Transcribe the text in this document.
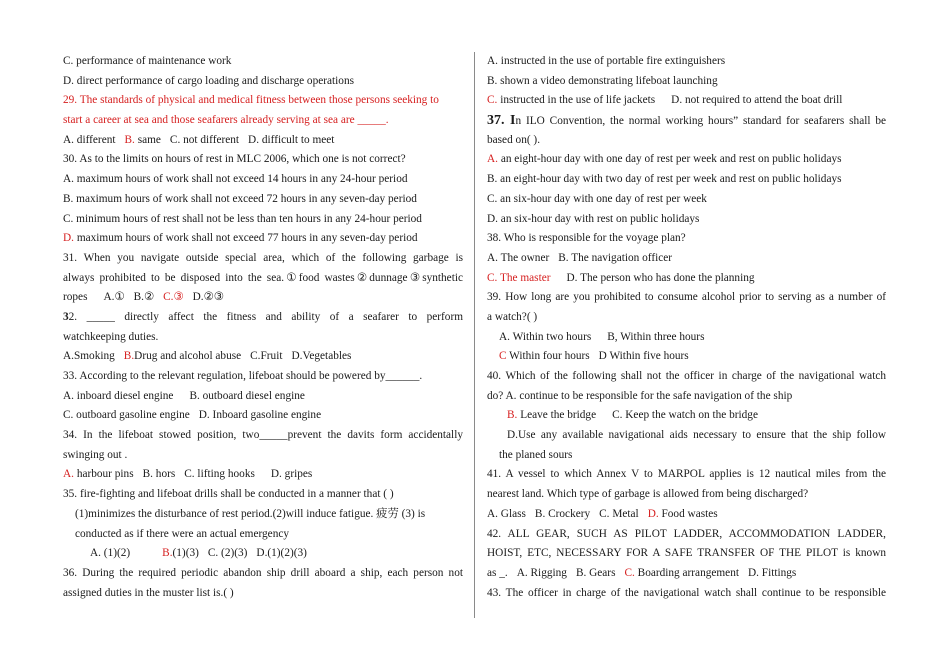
C. performance of maintenance work
D. direct performance of cargo loading and discharge operations
29. The standards of physical and medical fitness between those persons seeking to
start a career at sea and those seafarers already serving at sea are _____.
A. different B. same C. not different D. difficult to meet
30. As to the limits on hours of rest in MLC 2006, which one is not correct?
A. maximum hours of work shall not exceed 14 hours in any 24-hour period
B. maximum hours of work shall not exceed 72 hours in any seven-day period
C. minimum hours of rest shall not be less than ten hours in any 24-hour period
D. maximum hours of work shall not exceed 77 hours in any seven-day period
31. When you navigate outside special area, which of the following garbage is
always prohibited to be disposed into the sea.①food wastes②dunnage③synthetic
ropes A.① B.② C.③ D.②③
32. _____ directly affect the fitness and ability of a seafarer to perform
watchkeeping duties.
A.Smoking B.Drug and alcohol abuse C.Fruit D.Vegetables
33. According to the relevant regulation, lifeboat should be powered by______.
A. inboard diesel engine B. outboard diesel engine
C. outboard gasoline engine D. Inboard gasoline engine
34. In the lifeboat stowed position, two_____prevent the davits form accidentally
swinging out .
A. harbour pins B. hors C. lifting hooks D. gripes
35. fire-fighting and lifeboat drills shall be conducted in a manner that ( )
(1)minimizes the disturbance of rest period.(2)will induce fatigue. 疲劳 (3) is
conducted as if there were an actual emergency
A. (1)(2)	B.(1)(3) C. (2)(3) D.(1)(2)(3)
36. During the required periodic abandon ship drill aboard a ship, each person not
assigned duties in the muster list is.( )
A. instructed in the use of portable fire extinguishers
B. shown a video demonstrating lifeboat launching
C. instructed in the use of life jackets D. not required to attend the boat drill
37. In ILO Convention, the normal working hours” standard for seafarers shall be
based on( ).
A. an eight-hour day with one day of rest per week and rest on public holidays
B. an eight-hour day with two day of rest per week and rest on public holidays
C. an six-hour day with one day of rest per week
D. an six-hour day with rest on public holidays
38. Who is responsible for the voyage plan?
A. The owner B. The navigation officer
C. The master D. The person who has done the planning
39. How long are you prohibited to consume alcohol prior to serving as a number of
a watch?( )
A. Within two hours B, Within three hours
C Within four hours D Within five hours
40. Which of the following shall not the officer in charge of the navigational watch
do? A. continue to be responsible for the safe navigation of the ship
B. Leave the bridge C. Keep the watch on the bridge
D.Use any available navigational aids necessary to ensure that the ship follow
the planed sours
41. A vessel to which Annex V to MARPOL applies is 12 nautical miles from the
nearest land. Which type of garbage is allowed from being discharged?
A. Glass B. Crockery C. Metal D. Food wastes
42. ALL GEAR, SUCH AS PILOT LADDER, ACCOMMODATION LADDER,
HOIST, ETC, NECESSARY FOR A SAFE TRANSFER OF THE PILOT is known
as _. A. Rigging B. Gears C. Boarding arrangement D. Fittings
43. The officer in charge of the navigational watch shall continue to be responsible
